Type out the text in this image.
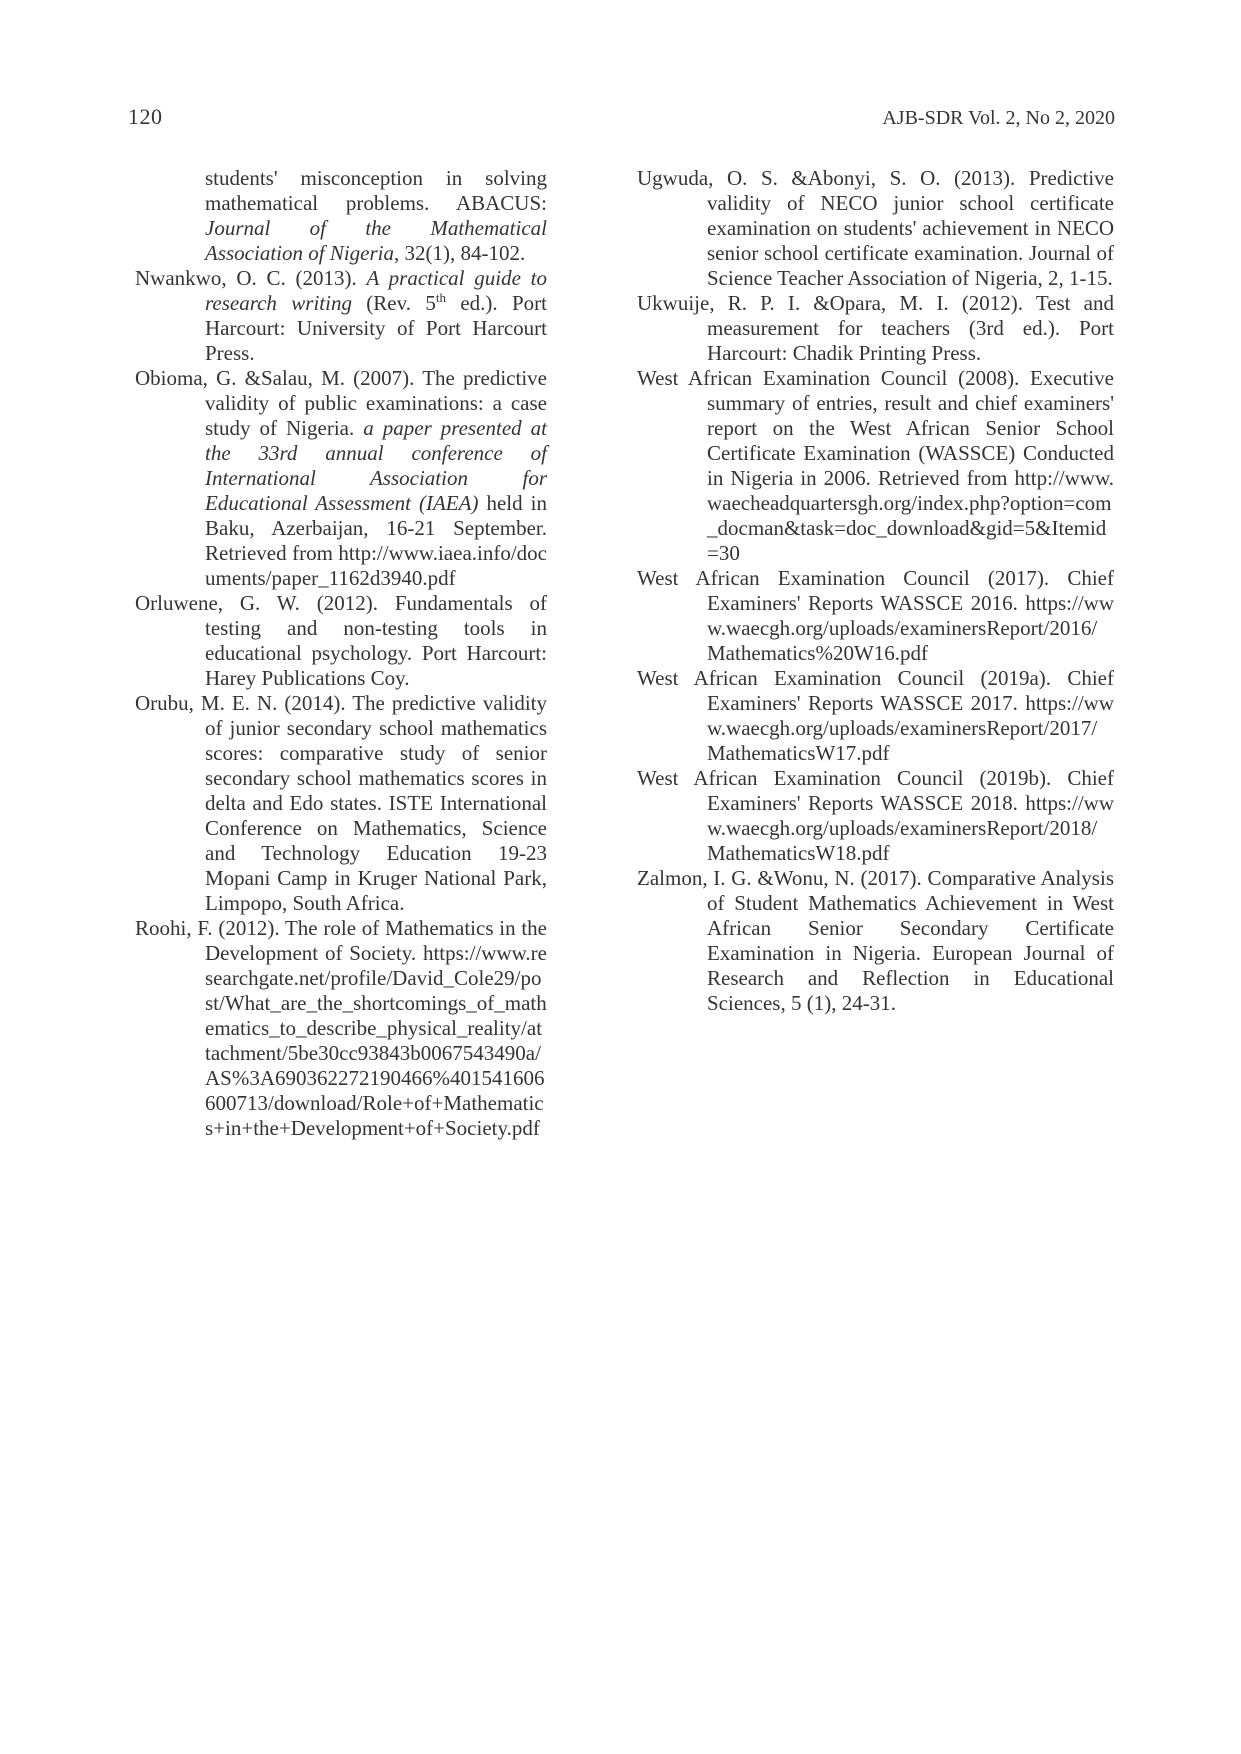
120	AJB-SDR Vol. 2, No 2, 2020

students' misconception in solving mathematical problems. ABACUS: Journal of the Mathematical Association of Nigeria, 32(1), 84-102.

Nwankwo, O. C. (2013). A practical guide to research writing (Rev. 5th ed.). Port Harcourt: University of Port Harcourt Press.

Obioma, G. &Salau, M. (2007). The predictive validity of public examinations: a case study of Nigeria. a paper presented at the 33rd annual conference of International Association for Educational Assessment (IAEA) held in Baku, Azerbaijan, 16-21 September. Retrieved from http://www.iaea.info/documents/paper_1162d3940.pdf

Orluwene, G. W. (2012). Fundamentals of testing and non-testing tools in educational psychology. Port Harcourt: Harey Publications Coy.

Orubu, M. E. N. (2014). The predictive validity of junior secondary school mathematics scores: comparative study of senior secondary school mathematics scores in delta and Edo states. ISTE International Conference on Mathematics, Science and Technology Education 19-23 Mopani Camp in Kruger National Park, Limpopo, South Africa.

Roohi, F. (2012). The role of Mathematics in the Development of Society. https://www.researchgate.net/profile/David_Cole29/post/What_are_the_shortcomings_of_mathematics_to_describe_physical_reality/attachment/5be30cc93843b0067543490a/AS%3A690362272190466%401541606600713/download/Role+of+Mathematics+in+the+Development+of+Society.pdf

Ugwuda, O. S. &Abonyi, S. O. (2013). Predictive validity of NECO junior school certificate examination on students' achievement in NECO senior school certificate examination. Journal of Science Teacher Association of Nigeria, 2, 1-15.

Ukwuije, R. P. I. &Opara, M. I. (2012). Test and measurement for teachers (3rd ed.). Port Harcourt: Chadik Printing Press.

West African Examination Council (2008). Executive summary of entries, result and chief examiners' report on the West African Senior School Certificate Examination (WASSCE) Conducted in Nigeria in 2006. Retrieved from http://www.waecheadquartersgh.org/index.php?option=com_docman&task=doc_download&gid=5&Itemid=30

West African Examination Council (2017). Chief Examiners' Reports WASSCE 2016. https://www.waecgh.org/uploads/examinersReport/2016/Mathematics%20W16.pdf

West African Examination Council (2019a). Chief Examiners' Reports WASSCE 2017. https://www.waecgh.org/uploads/examinersReport/2017/MathematicsW17.pdf

West African Examination Council (2019b). Chief Examiners' Reports WASSCE 2018. https://www.waecgh.org/uploads/examinersReport/2018/MathematicsW18.pdf

Zalmon, I. G. &Wonu, N. (2017). Comparative Analysis of Student Mathematics Achievement in West African Senior Secondary Certificate Examination in Nigeria. European Journal of Research and Reflection in Educational Sciences, 5 (1), 24-31.
